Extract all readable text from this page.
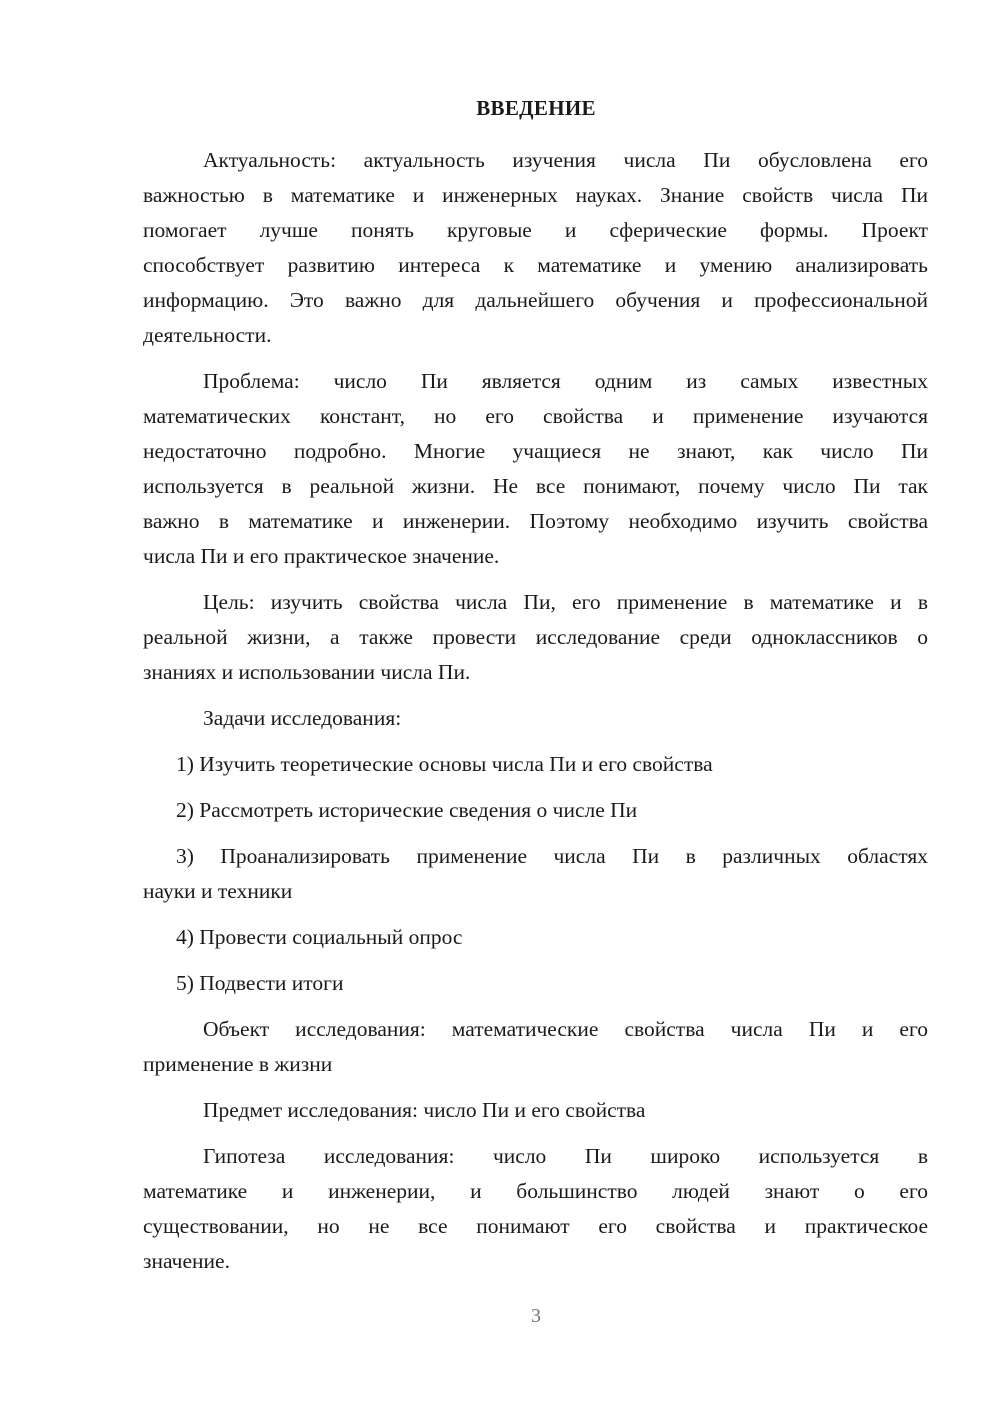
ВВЕДЕНИЕ
Актуальность: актуальность изучения числа Пи обусловлена его
важностью в математике и инженерных науках. Знание свойств числа Пи
помогает лучше понять круговые и сферические формы. Проект
способствует развитию интереса к математике и умению анализировать
информацию. Это важно для дальнейшего обучения и профессиональной
деятельности.
Проблема: число Пи является одним из самых известных
математических констант, но его свойства и применение изучаются
недостаточно подробно. Многие учащиеся не знают, как число Пи
используется в реальной жизни. Не все понимают, почему число Пи так
важно в математике и инженерии. Поэтому необходимо изучить свойства
числа Пи и его практическое значение.
Цель: изучить свойства числа Пи, его применение в математике и в
реальной жизни, а также провести исследование среди одноклассников о
знаниях и использовании числа Пи.
Задачи исследования:
1) Изучить теоретические основы числа Пи и его свойства
2) Рассмотреть исторические сведения о числе Пи
3) Проанализировать применение числа Пи в различных областях
науки и техники
4) Провести социальный опрос
5) Подвести итоги
Объект исследования: математические свойства числа Пи и его
применение в жизни
Предмет исследования: число Пи и его свойства
Гипотеза исследования: число Пи широко используется в
математике и инженерии, и большинство людей знают о его
существовании, но не все понимают его свойства и практическое
значение.
3
